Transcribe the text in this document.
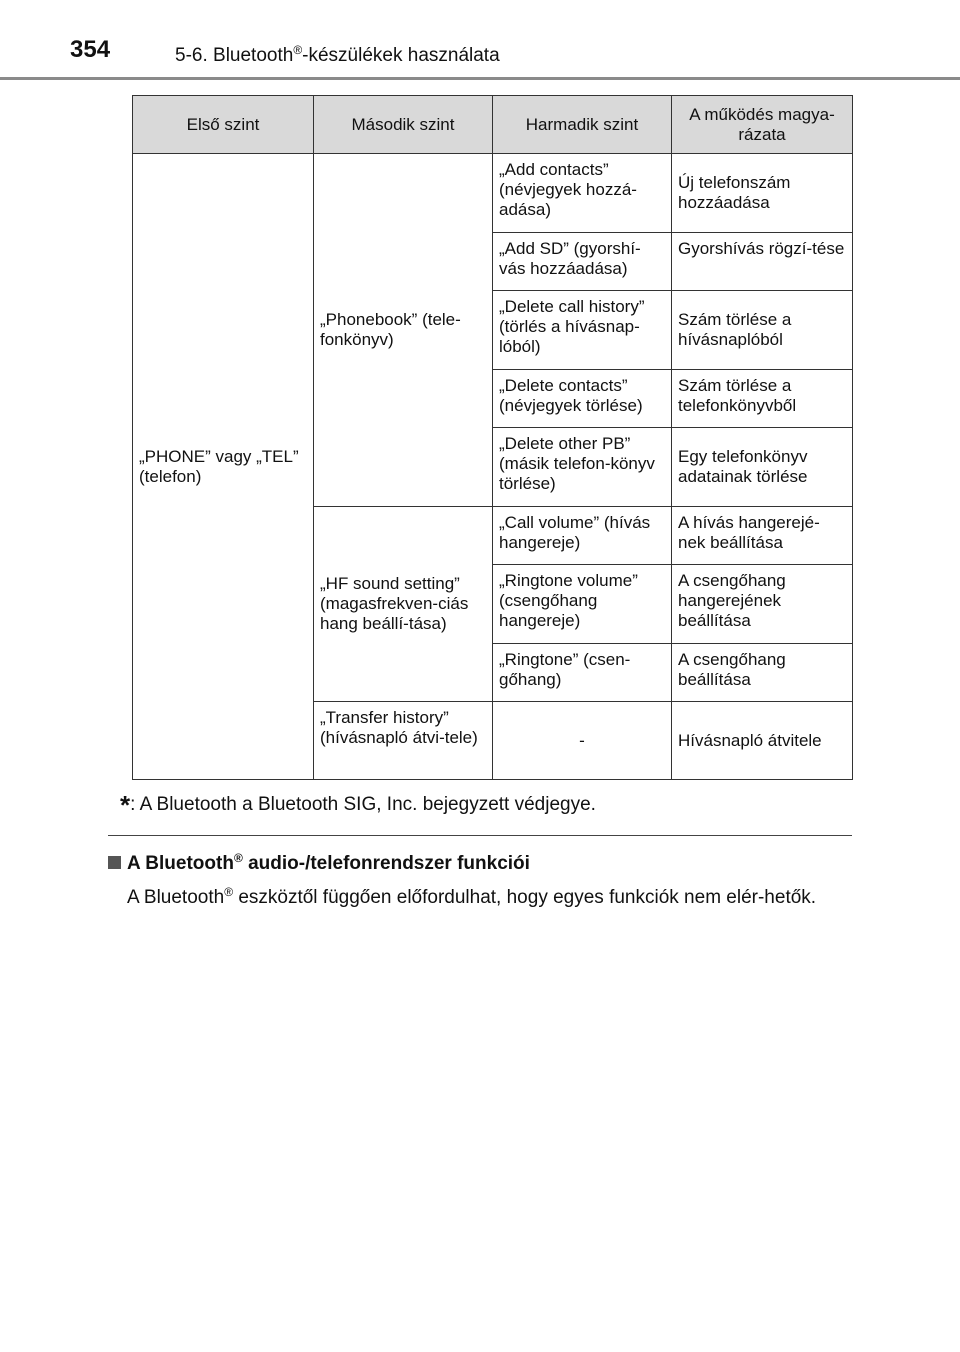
354	5-6. Bluetooth®-készülékek használata
Első szint	Második szint	Harmadik szint	A működés magya-rázata
„PHONE” vagy „TEL” (telefon)	„Phonebook” (tele-fonkönyv)	„Add contacts” (névjegyek hozzá-adása)	Új telefonszám hozzáadása
		„Add SD” (gyorshí-vás hozzáadása)	Gyorshívás rögzí-tése
		„Delete call history” (törlés a hívásnap-lóból)	Szám törlése a hívásnaplóból
		„Delete contacts” (névjegyek törlése)	Szám törlése a telefonkönyvből
		„Delete other PB” (másik telefon-könyv törlése)	Egy telefonkönyv adatainak törlése
	„HF sound setting” (magasfrekven-ciás hang beállí-tása)	„Call volume” (hívás hangereje)	A hívás hangerejé-nek beállítása
		„Ringtone volume” (csengőhang hangereje)	A csengőhang hangerejének beállítása
		„Ringtone” (csen-gőhang)	A csengőhang beállítása
	„Transfer history” (hívásnapló átvi-tele)	-	Hívásnapló átvitele
*: A Bluetooth a Bluetooth SIG, Inc. bejegyzett védjegye.
A Bluetooth® audio-/telefonrendszer funkciói
A Bluetooth® eszköztől függően előfordulhat, hogy egyes funkciók nem elér-hetők.
